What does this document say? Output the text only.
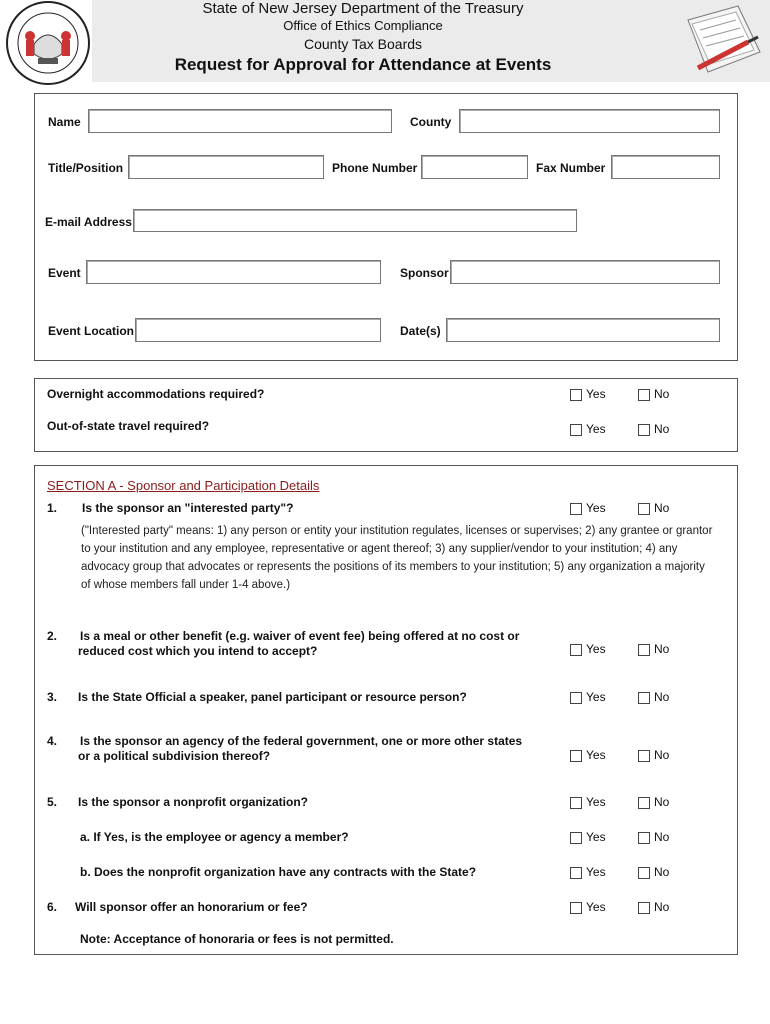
State of New Jersey Department of the Treasury
Office of Ethics Compliance
County Tax Boards
Request for Approval for Attendance at Events
Name	County
Title/Position	Phone Number	Fax Number
E-mail Address
Event	Sponsor
Event Location	Date(s)
Overnight accommodations required?	Yes	No
Out-of-state travel required?	Yes	No
SECTION A - Sponsor and Participation Details
1. Is the sponsor an "interested party"?	Yes	No
("Interested party" means: 1) any person or entity your institution regulates, licenses or supervises; 2) any grantee or grantor
to your institution and any employee, representative or agent thereof; 3) any supplier/vendor to your institution; 4) any
advocacy group that advocates or represents the positions of its members to your institution; 5) any organization a majority
of whose members fall under 1-4 above.)
2. Is a meal or other benefit (e.g. waiver of event fee) being offered at no cost or
reduced cost which you intend to accept?	Yes	No
3. Is the State Official a speaker, panel participant or resource person?	Yes	No
4. Is the sponsor an agency of the federal government, one or more other states
or a political subdivision thereof?	Yes	No
5. Is the sponsor a nonprofit organization?	Yes	No
a. If Yes, is the employee or agency a member?	Yes	No
b. Does the nonprofit organization have any contracts with the State?	Yes	No
6. Will sponsor offer an honorarium or fee?	Yes	No
Note: Acceptance of honoraria or fees is not permitted.
